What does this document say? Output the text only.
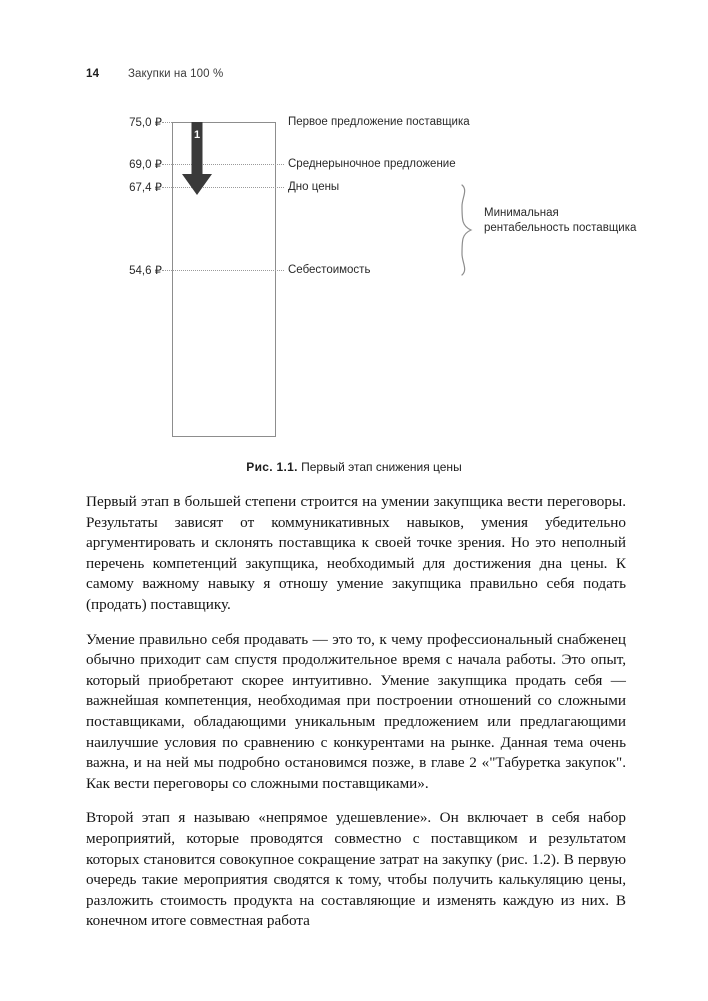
14	Закупки на 100 %
75,0 ₽
69,0 ₽
67,4 ₽
54,6 ₽
Первое предложение поставщика
Среднерыночное предложение
Дно цены
Себестоимость
1
Минимальная рентабельность поставщика
Рис. 1.1. Первый этап снижения цены

Первый этап в большей степени строится на умении закупщика вести переговоры. Результаты зависят от коммуникативных навыков, умения убедительно аргументировать и склонять поставщика к своей точке зрения. Но это неполный перечень компетенций закупщика, необходимый для достижения дна цены. К самому важному навыку я отношу умение закупщика правильно себя подать (продать) поставщику.

Умение правильно себя продавать — это то, к чему профессиональный снабженец обычно приходит сам спустя продолжительное время с начала работы. Это опыт, который приобретают скорее интуитивно. Умение закупщика продать себя — важнейшая компетенция, необходимая при построении отношений со сложными поставщиками, обладающими уникальным предложением или предлагающими наилучшие условия по сравнению с конкурентами на рынке. Данная тема очень важна, и на ней мы подробно остановимся позже, в главе 2 «"Табуретка закупок". Как вести переговоры со сложными поставщиками».

Второй этап я называю «непрямое удешевление». Он включает в себя набор мероприятий, которые проводятся совместно с поставщиком и результатом которых становится совокупное сокращение затрат на закупку (рис. 1.2). В первую очередь такие мероприятия сводятся к тому, чтобы получить калькуляцию цены, разложить стоимость продукта на составляющие и изменять каждую из них. В конечном итоге совместная работа
